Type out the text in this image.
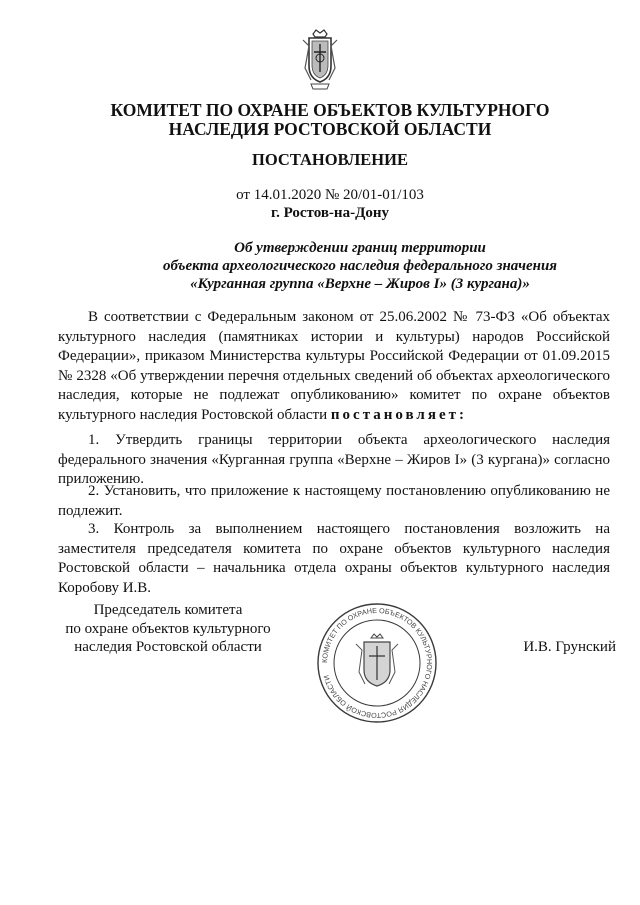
КОМИТЕТ ПО ОХРАНЕ ОБЪЕКТОВ КУЛЬТУРНОГО
НАСЛЕДИЯ РОСТОВСКОЙ ОБЛАСТИ
ПОСТАНОВЛЕНИЕ
от 14.01.2020 № 20/01-01/103
г. Ростов-на-Дону
Об утверждении границ территории
объекта археологического наследия федерального значения
«Курганная группа «Верхне – Жиров I» (3 кургана)»
В соответствии с Федеральным законом от 25.06.2002 № 73-ФЗ «Об объектах культурного наследия (памятниках истории и культуры) народов Российской Федерации», приказом Министерства культуры Российской Федерации от 01.09.2015 № 2328 «Об утверждении перечня отдельных сведений об объектах археологического наследия, которые не подлежат опубликованию» комитет по охране объектов культурного наследия Ростовской области постановляет:
1. Утвердить границы территории объекта археологического наследия федерального значения «Курганная группа «Верхне – Жиров I» (3 кургана)» согласно приложению.
2. Установить, что приложение к настоящему постановлению опубликованию не подлежит.
3. Контроль за выполнением настоящего постановления возложить на заместителя председателя комитета по охране объектов культурного наследия Ростовской области – начальника отдела охраны объектов культурного наследия Коробову И.В.
Председатель комитета
по охране объектов культурного
наследия Ростовской области
КОМИТЕТ ПО ОХРАНЕ ОБЪЕКТОВ КУЛЬТУРНОГО НАСЛЕДИЯ РОСТОВСКОЙ ОБЛАСТИ
И.В. Грунский
